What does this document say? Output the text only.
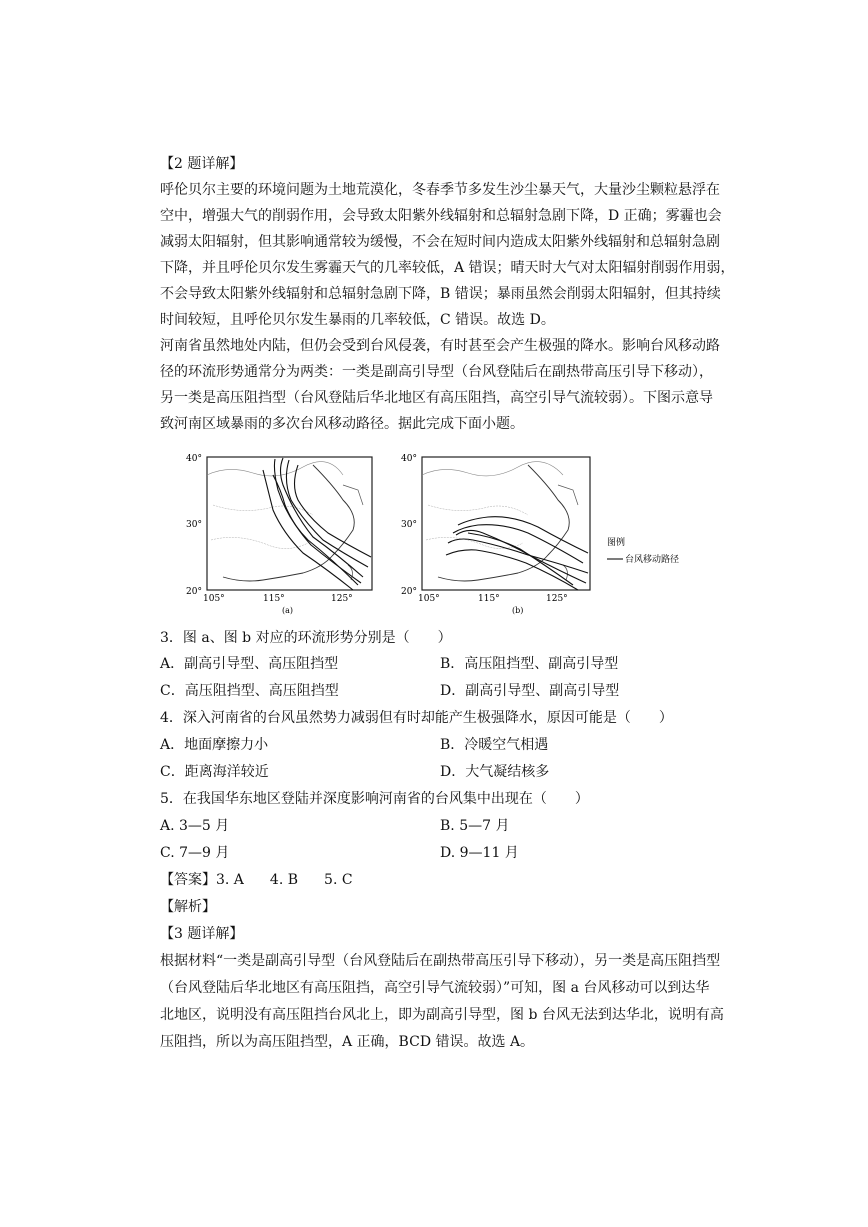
【2 题详解】
呼伦贝尔主要的环境问题为土地荒漠化，冬春季节多发生沙尘暴天气，大量沙尘颗粒悬浮在
空中，增强大气的削弱作用，会导致太阳紫外线辐射和总辐射急剧下降，D 正确；雾霾也会
减弱太阳辐射，但其影响通常较为缓慢，不会在短时间内造成太阳紫外线辐射和总辐射急剧
下降，并且呼伦贝尔发生雾霾天气的几率较低，A 错误；晴天时大气对太阳辐射削弱作用弱，
不会导致太阳紫外线辐射和总辐射急剧下降，B 错误；暴雨虽然会削弱太阳辐射，但其持续
时间较短，且呼伦贝尔发生暴雨的几率较低，C 错误。故选 D。
河南省虽然地处内陆，但仍会受到台风侵袭，有时甚至会产生极强的降水。影响台风移动路
径的环流形势通常分为两类：一类是副高引导型（台风登陆后在副热带高压引导下移动），
另一类是高压阻挡型（台风登陆后华北地区有高压阻挡，高空引导气流较弱）。下图示意导
致河南区域暴雨的多次台风移动路径。据此完成下面小题。
40°
30°
20°
105°	115°	125°
(a)
40°
30°
20°
105°	115°	125°
(b)
图例
台风移动路径
3．图 a、图 b 对应的环流形势分别是（　　）
A．副高引导型、高压阻挡型	B．高压阻挡型、副高引导型
C．高压阻挡型、高压阻挡型	D．副高引导型、副高引导型
4．深入河南省的台风虽然势力减弱但有时却能产生极强降水，原因可能是（　　）
A．地面摩擦力小	B．冷暖空气相遇
C．距离海洋较近	D．大气凝结核多
5．在我国华东地区登陆并深度影响河南省的台风集中出现在（　　）
A. 3—5 月	B. 5—7 月
C. 7—9 月	D. 9—11 月
【答案】3. A 4. B 5. C
【解析】
【3 题详解】
根据材料“一类是副高引导型（台风登陆后在副热带高压引导下移动），另一类是高压阻挡型
（台风登陆后华北地区有高压阻挡，高空引导气流较弱）”可知，图 a 台风移动可以到达华
北地区，说明没有高压阻挡台风北上，即为副高引导型，图 b 台风无法到达华北，说明有高
压阻挡，所以为高压阻挡型，A 正确，BCD 错误。故选 A。
